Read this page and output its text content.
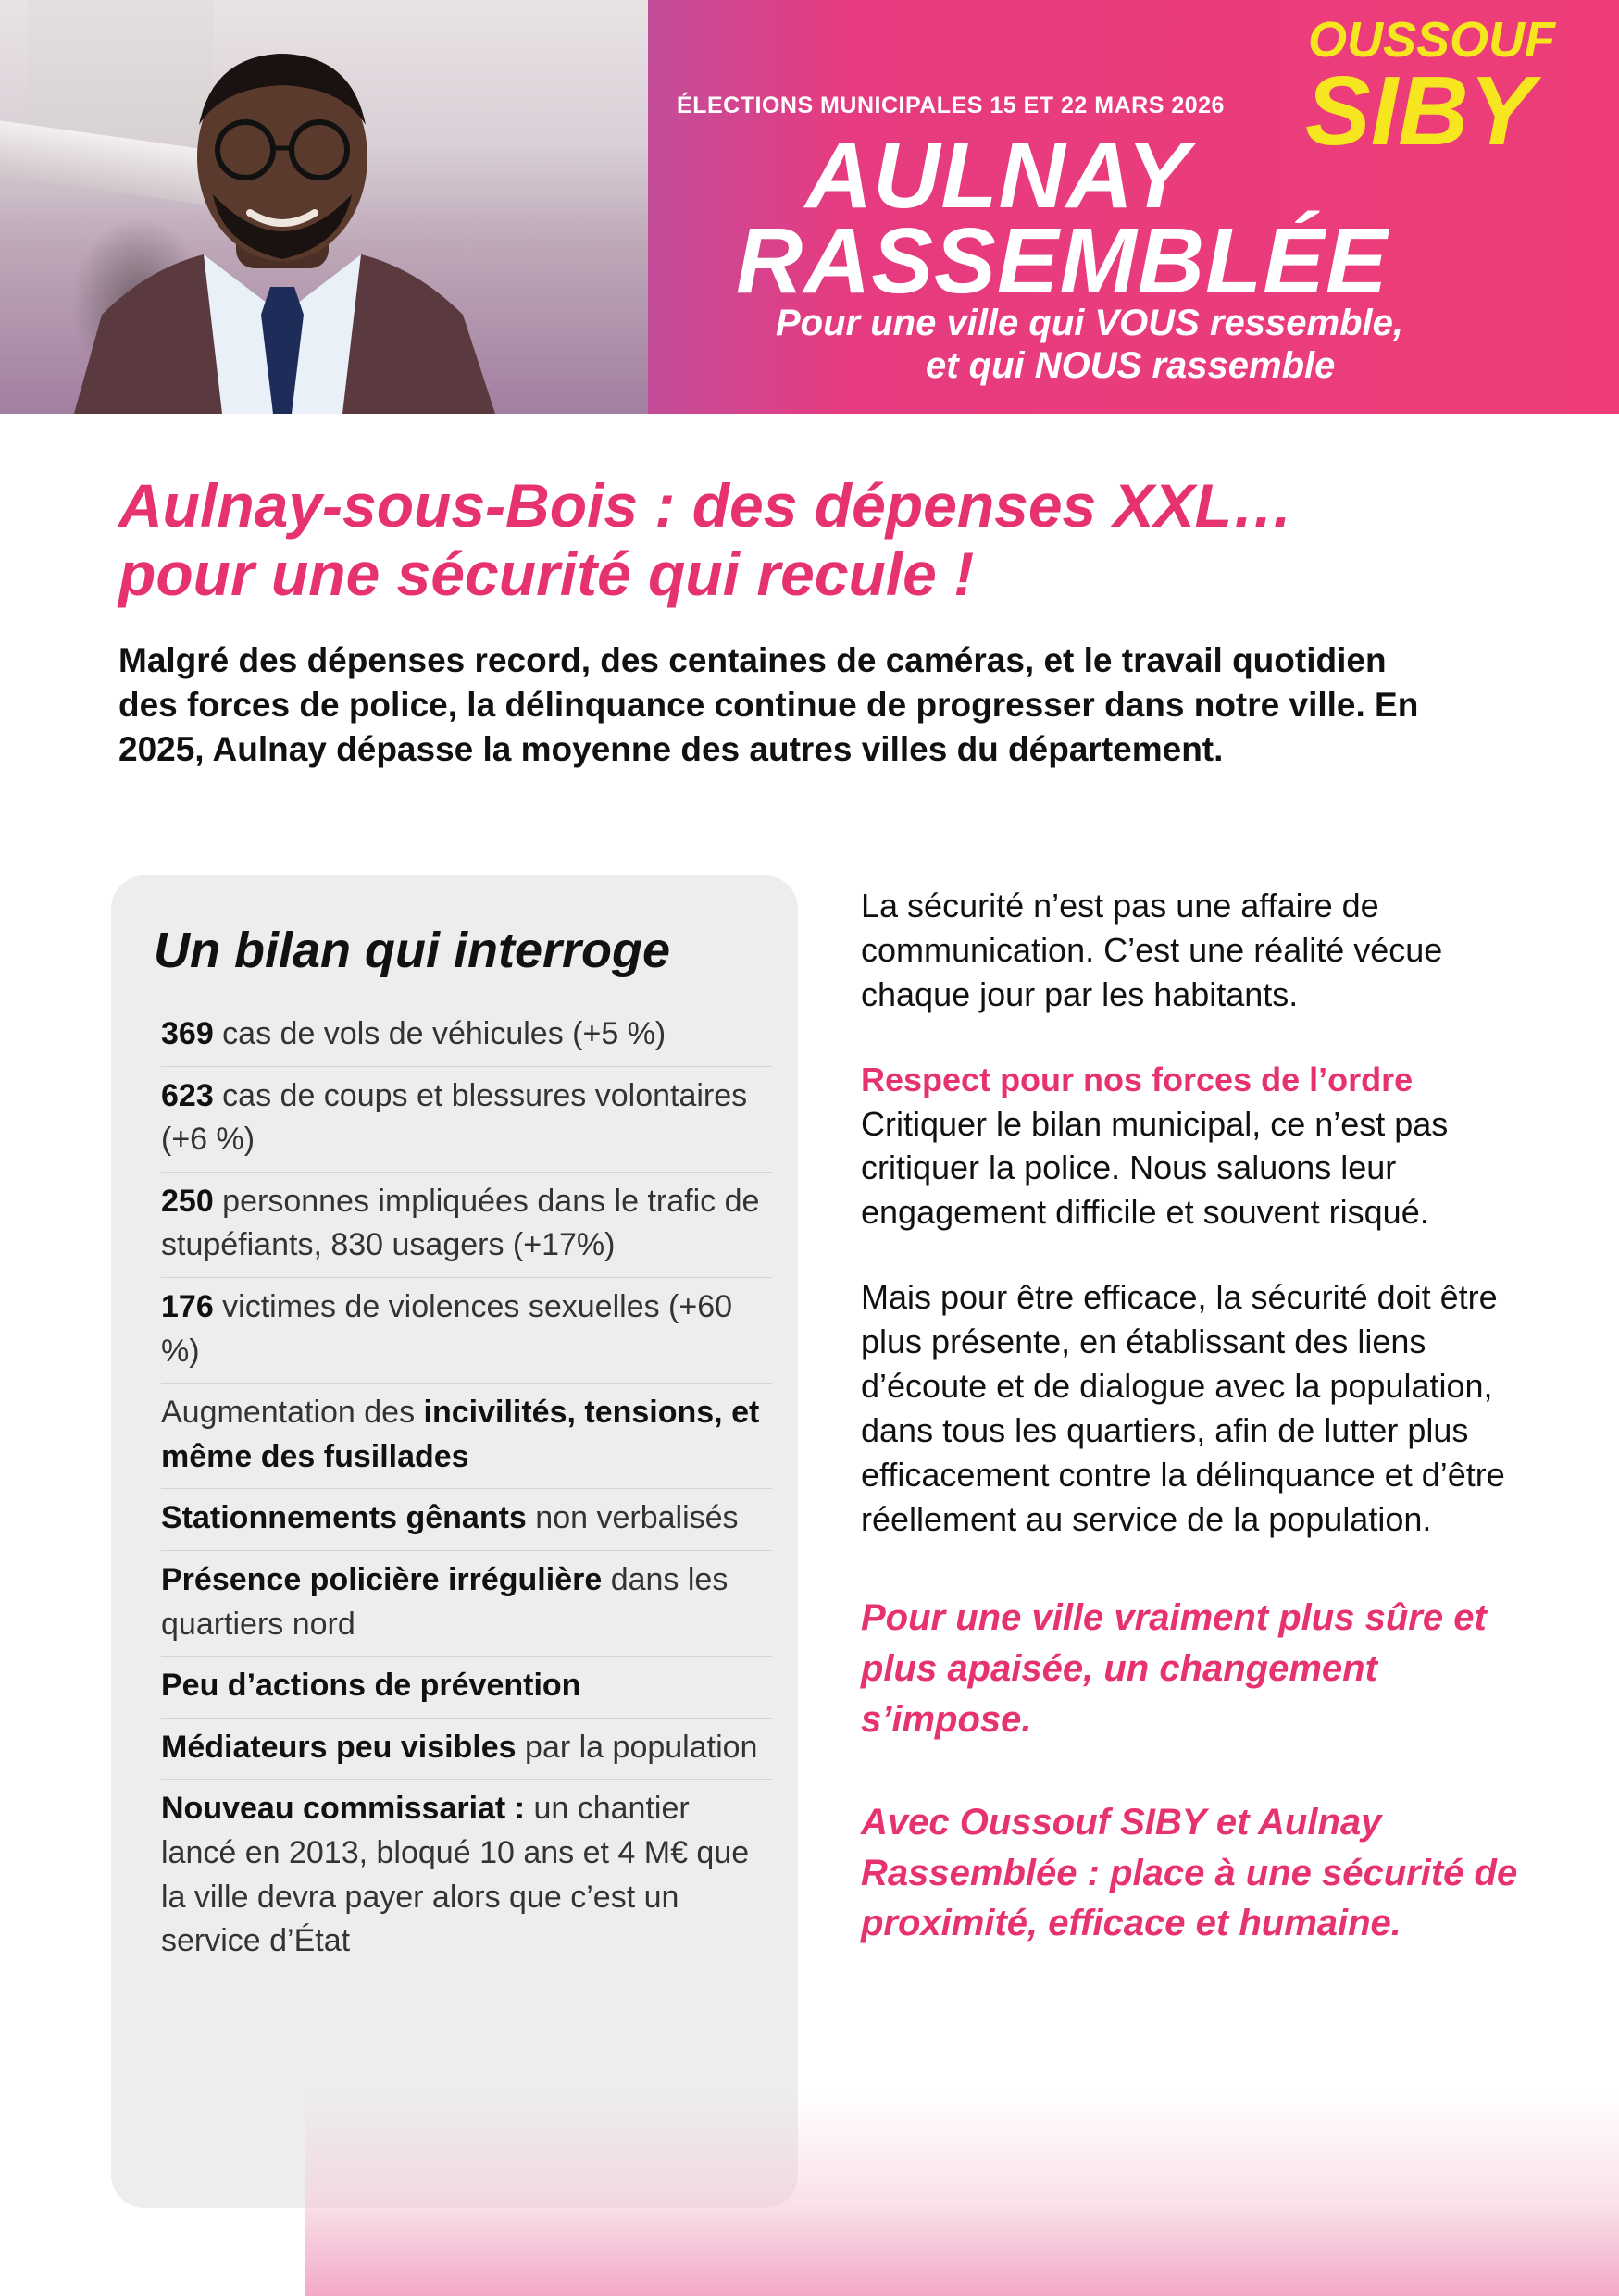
ÉLECTIONS MUNICIPALES 15 ET 22 MARS 2026
AULNAY
RASSEMBLÉE
Pour une ville qui VOUS ressemble,
et qui NOUS rassemble
OUSSOUF
SIBY
Aulnay-sous-Bois : des dépenses XXL…
pour une sécurité qui recule !

Malgré des dépenses record, des centaines de caméras, et le travail quotidien des forces de police, la délinquance continue de progresser dans notre ville. En 2025, Aulnay dépasse la moyenne des autres villes du département.

Un bilan qui interroge
369 cas de vols de véhicules (+5 %)
623 cas de coups et blessures volontaires (+6 %)
250 personnes impliquées dans le trafic de stupéfiants, 830 usagers (+17%)
176 victimes de violences sexuelles (+60 %)
Augmentation des incivilités, tensions, et même des fusillades
Stationnements gênants non verbalisés
Présence policière irrégulière dans les quartiers nord
Peu d’actions de prévention
Médiateurs peu visibles par la population
Nouveau commissariat : un chantier lancé en 2013, bloqué 10 ans et 4 M€ que la ville devra payer alors que c’est un service d’État

La sécurité n’est pas une affaire de communication. C’est une réalité vécue chaque jour par les habitants.

Respect pour nos forces de l’ordre
Critiquer le bilan municipal, ce n’est pas critiquer la police. Nous saluons leur engagement difficile et souvent risqué.

Mais pour être efficace, la sécurité doit être plus présente, en établissant des liens d’écoute et de dialogue avec la population, dans tous les quartiers, afin de lutter plus efficacement contre la délinquance et d’être réellement au service de la population.

Pour une ville vraiment plus sûre et plus apaisée, un changement s’impose.

Avec Oussouf SIBY et Aulnay Rassemblée : place à une sécurité de proximité, efficace et humaine.
